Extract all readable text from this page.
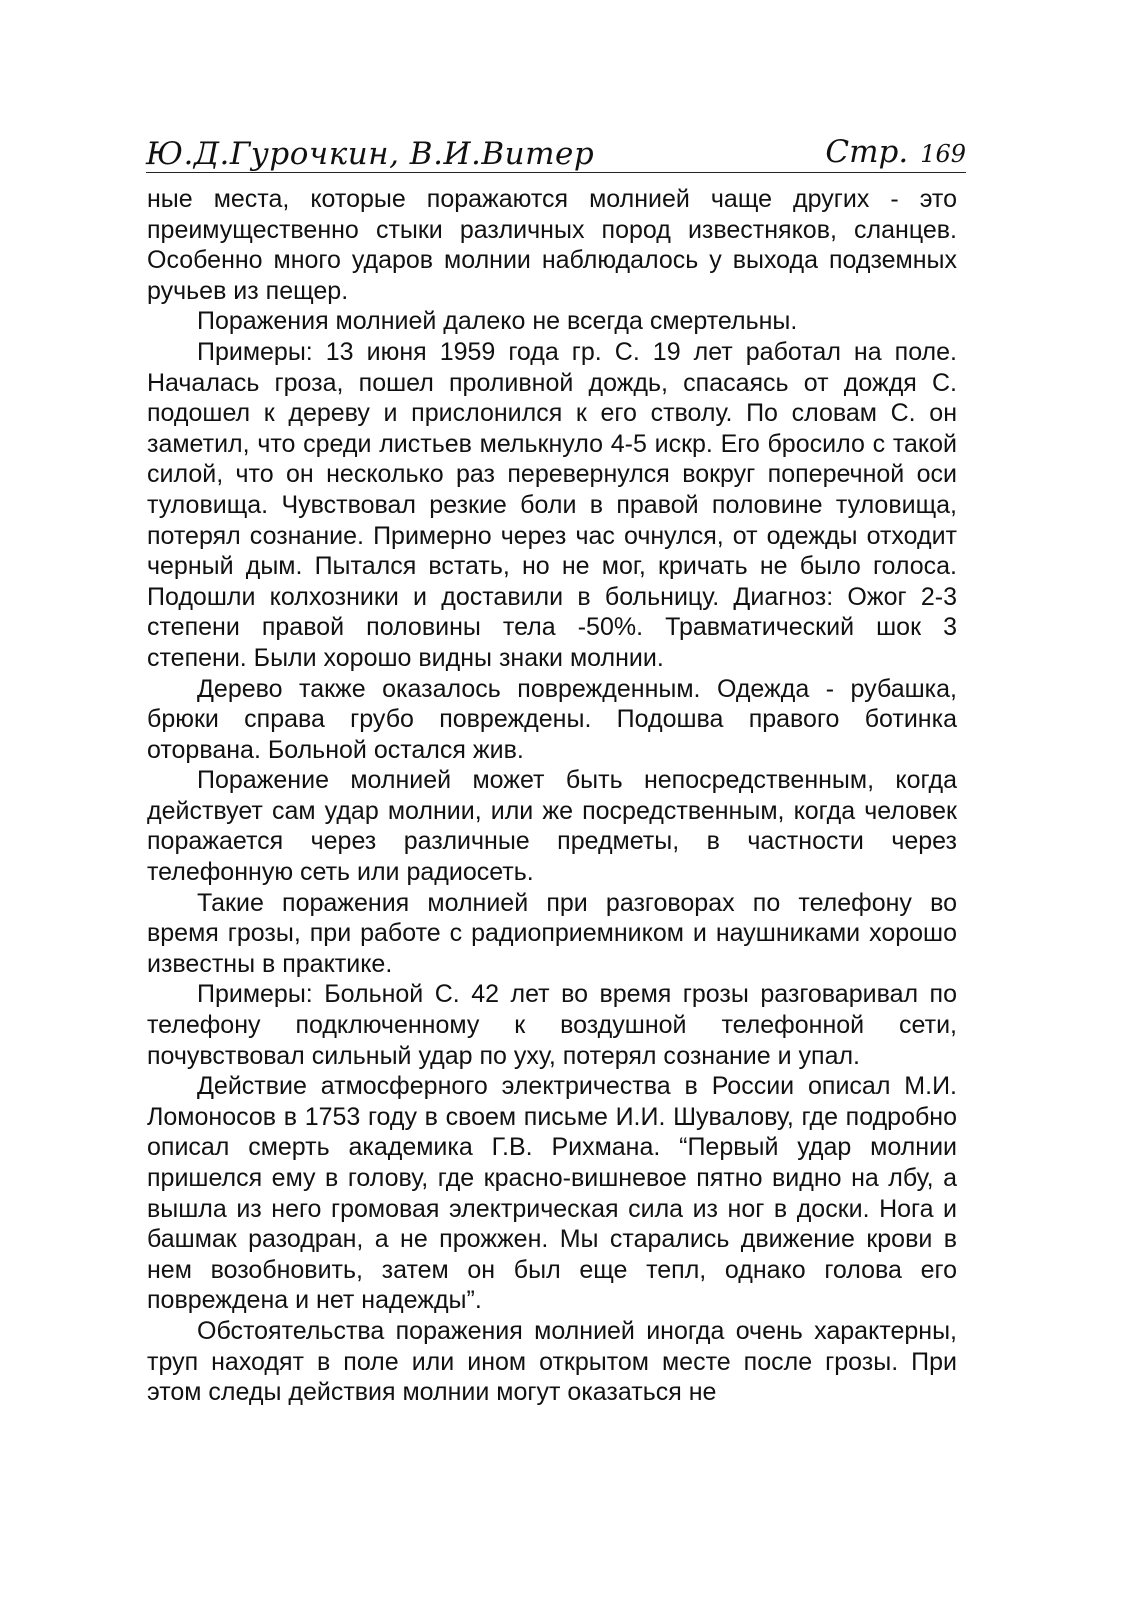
Ю.Д.Гурочкин, В.И.Витер	Стр. 169

ные места, которые поражаются молнией чаще других - это преимущественно стыки различных пород известняков, сланцев. Особенно много ударов молнии наблюдалось у выхода подземных ручьев из пещер.

Поражения молнией далеко не всегда смертельны.

Примеры: 13 июня 1959 года гр. С. 19 лет работал на поле. Началась гроза, пошел проливной дождь, спасаясь от дождя С. подошел к дереву и прислонился к его стволу. По словам С. он заметил, что среди листьев мелькнуло 4-5 искр. Его бросило с такой силой, что он несколько раз перевернулся вокруг поперечной оси туловища. Чувствовал резкие боли в правой половине туловища, потерял сознание. Примерно через час очнулся, от одежды отходит черный дым. Пытался встать, но не мог, кричать не было голоса. Подошли колхозники и доставили в больницу. Диагноз: Ожог 2-3 степени правой половины тела -50%. Травматический шок 3 степени. Были хорошо видны знаки молнии.

Дерево также оказалось поврежденным. Одежда - рубашка, брюки справа грубо повреждены. Подошва правого ботинка оторвана. Больной остался жив.

Поражение молнией может быть непосредственным, когда действует сам удар молнии, или же посредственным, когда человек поражается через различные предметы, в частности через телефонную сеть или радиосеть.

Такие поражения молнией при разговорах по телефону во время грозы, при работе с радиоприемником и наушниками хорошо известны в практике.

Примеры: Больной С. 42 лет во время грозы разговаривал по телефону подключенному к воздушной телефонной сети, почувствовал сильный удар по уху, потерял сознание и упал.

Действие атмосферного электричества в России описал М.И. Ломоносов в 1753 году в своем письме И.И. Шувалову, где подробно описал смерть академика Г.В. Рихмана. “Первый удар молнии пришелся ему в голову, где красно-вишневое пятно видно на лбу, а вышла из него громовая электрическая сила из ног в доски. Нога и башмак разодран, а не прожжен. Мы старались движение крови в нем возобновить, затем он был еще тепл, однако голова его повреждена и нет надежды”.

Обстоятельства поражения молнией иногда очень характерны, труп находят в поле или ином открытом месте после грозы. При этом следы действия молнии могут оказаться не
